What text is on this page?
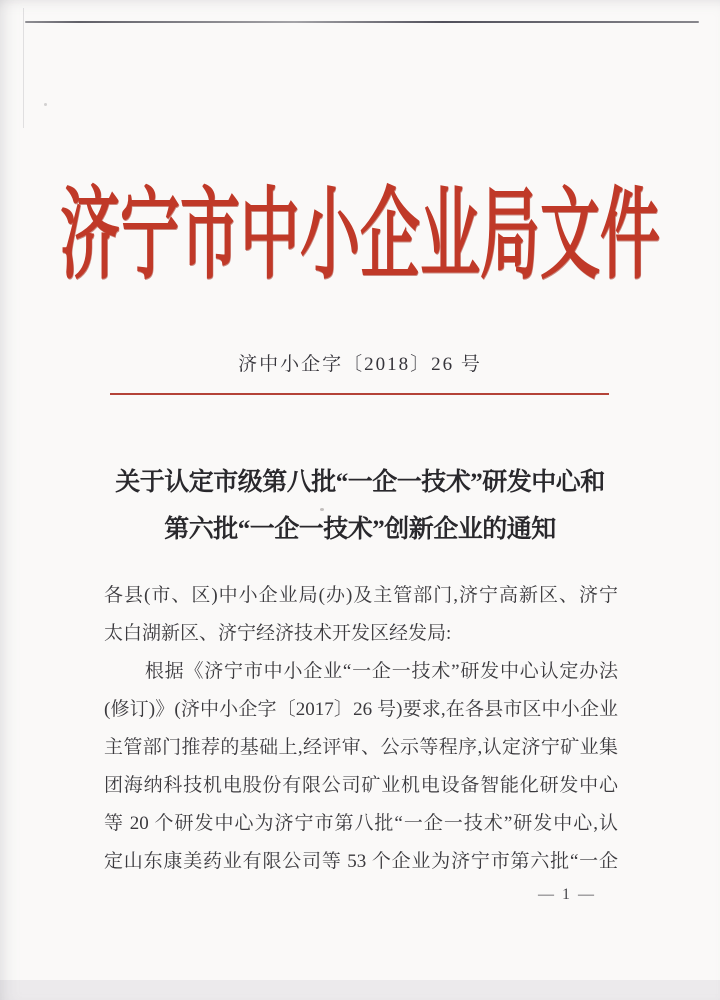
济宁市中小企业局文件
济中小企字〔2018〕26 号
关于认定市级第八批“一企一技术”研发中心和
第六批“一企一技术”创新企业的通知
各县(市、区)中小企业局(办)及主管部门,济宁高新区、济宁
太白湖新区、济宁经济技术开发区经发局:
根据《济宁市中小企业“一企一技术”研发中心认定办法
(修订)》(济中小企字〔2017〕26 号)要求,在各县市区中小企业
主管部门推荐的基础上,经评审、公示等程序,认定济宁矿业集
团海纳科技机电股份有限公司矿业机电设备智能化研发中心
等 20 个研发中心为济宁市第八批“一企一技术”研发中心,认
定山东康美药业有限公司等 53 个企业为济宁市第六批“一企
— 1 —
